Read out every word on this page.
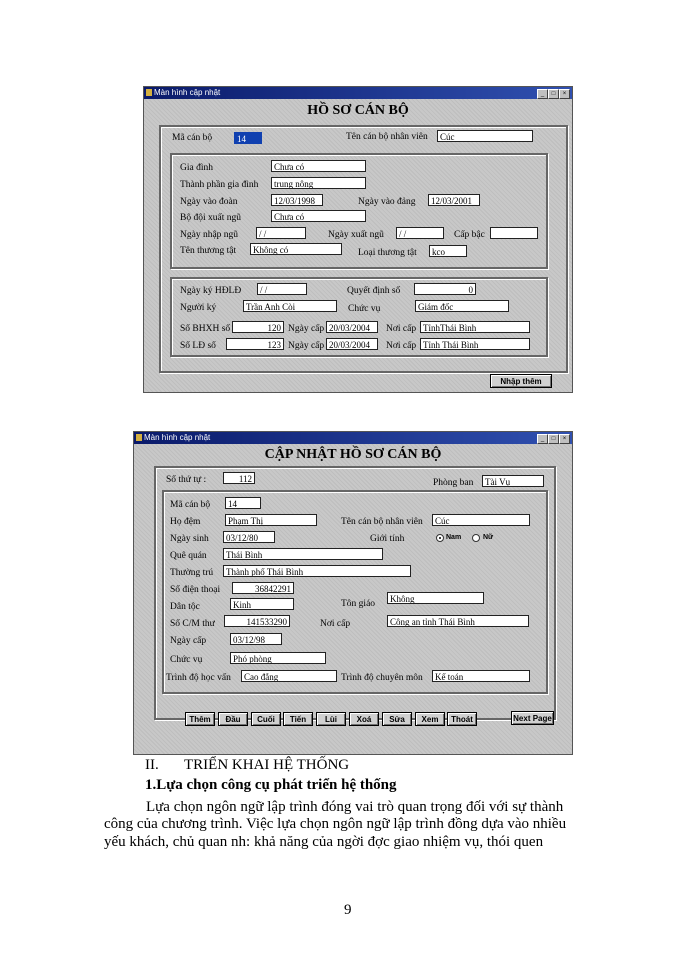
Màn hình cập nhật	_	□	×
HỒ SƠ CÁN BỘ
Mã cán bộ	14	Tên cán bộ nhân viên	Cúc
Gia đình	Chưa có
Thành phần gia đình	trung nông
Ngày vào đoàn	12/03/1998	Ngày vào đảng	12/03/2001
Bộ đội xuất ngũ	Chưa có
Ngày nhập ngũ	/ /	Ngày xuất ngũ	/ /	Cấp bậc
Tên thương tật	Không có	Loại thương tật	kco
Ngày ký HĐLĐ	/ /	Quyết định số	0
Người ký	Trần Anh Còi	Chức vụ	Giám đốc
Số BHXH số	120 Ngày cấp 20/03/2004	Nơi cấp TỉnhThái Bình
Số LĐ số	123 Ngày cấp 20/03/2004	Nơi cấp Tỉnh Thái Bình
Nhập thêm
Màn hình cập nhật	_	□	×
CẬP NHẬT HỒ SƠ CÁN BỘ
Số thứ tự :	112	Phòng ban	Tài Vụ
Mã cán bộ	14
Họ đệm	Phạm Thị	Tên cán bộ nhân viên	Cúc
Ngày sinh	03/12/80	Giới tính	Nam	Nữ
Quê quán	Thái Bình
Thường trú	Thành phố Thái Bình
Số điện thoại	36842291
Dân tộc	Kinh	Tôn giáo	Không
Số C/M thư	141533290	Nơi cấp	Công an tỉnh Thái Bình
Ngày cấp	03/12/98
Chức vụ	Phó phòng
Trình độ học vấn	Cao đẳng	Trình độ chuyên môn	Kế toán
Thêm	Đầu	Cuối	Tiến	Lùi	Xoá	Sửa	Xem	Thoát	Next Page
II. TRIỂN KHAI HỆ THỐNG
1.Lựa chọn công cụ phát triển hệ thống
Lựa chọn ngôn ngữ lập trình đóng vai trò quan trọng đối với sự thành
công của chương trình. Việc lựa chọn ngôn ngữ lập trình đồng dựa vào nhiều
yếu khách, chủ quan nh: khả năng của ngời đợc giao nhiệm vụ, thói quen
9
